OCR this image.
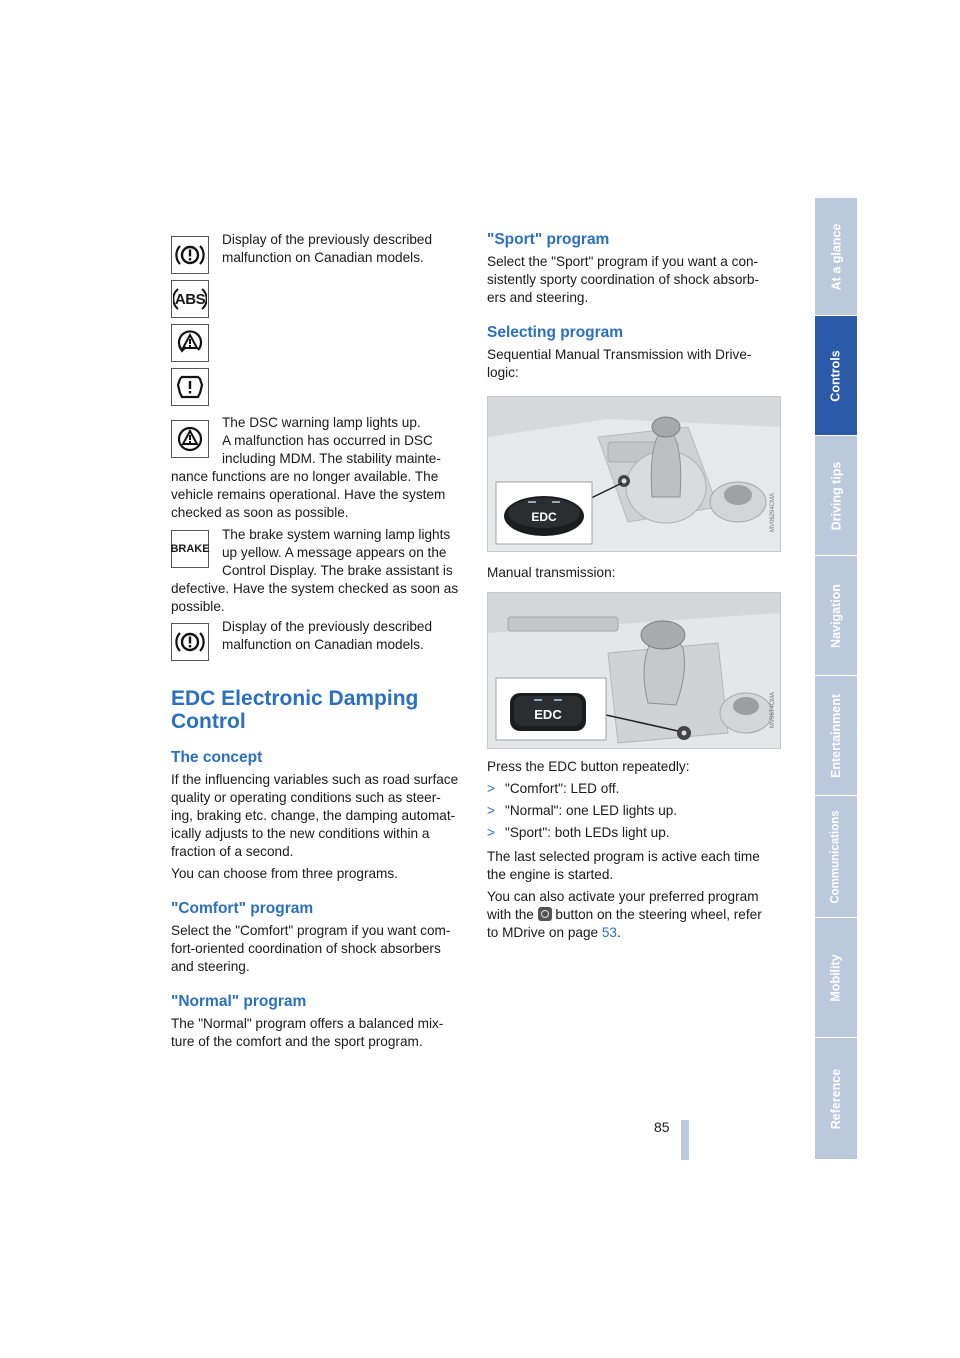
Display of the previously described

malfunction on Canadian models.

ABS

The DSC warning lamp lights up.

A malfunction has occurred in DSC

including MDM. The stability mainte-

nance functions are no longer available. The

vehicle remains operational. Have the system

checked as soon as possible.

BRAKE

The brake system warning lamp lights

up yellow. A message appears on the

Control Display. The brake assistant is

defective. Have the system checked as soon as

possible.

Display of the previously described

malfunction on Canadian models.

EDC Electronic Damping
Control
The concept

If the influencing variables such as road surface

quality or operating conditions such as steer-

ing, braking etc. change, the damping automat-

ically adjusts to the new conditions within a

fraction of a second.

You can choose from three programs.

"Comfort" program

Select the "Comfort" program if you want com-

fort-oriented coordination of shock absorbers

and steering.

"Normal" program

The "Normal" program offers a balanced mix-

ture of the comfort and the sport program.

"Sport" program

Select the "Sport" program if you want a con-

sistently sporty coordination of shock absorb-

ers and steering.

Selecting program

Sequential Manual Transmission with Drive-

logic:

EDC	MV06294CMA

Manual transmission:

EDC	MV06T4CMA

Press the EDC button repeatedly:

> "Comfort": LED off.
> "Normal": one LED lights up.
> "Sport": both LEDs light up.

The last selected program is active each time

the engine is started.

You can also activate your preferred program

with the button on the steering wheel, refer

to MDrive on page 53.

85
At a glance
Controls
Driving tips
Navigation
Entertainment
Communications
Mobility
Reference
